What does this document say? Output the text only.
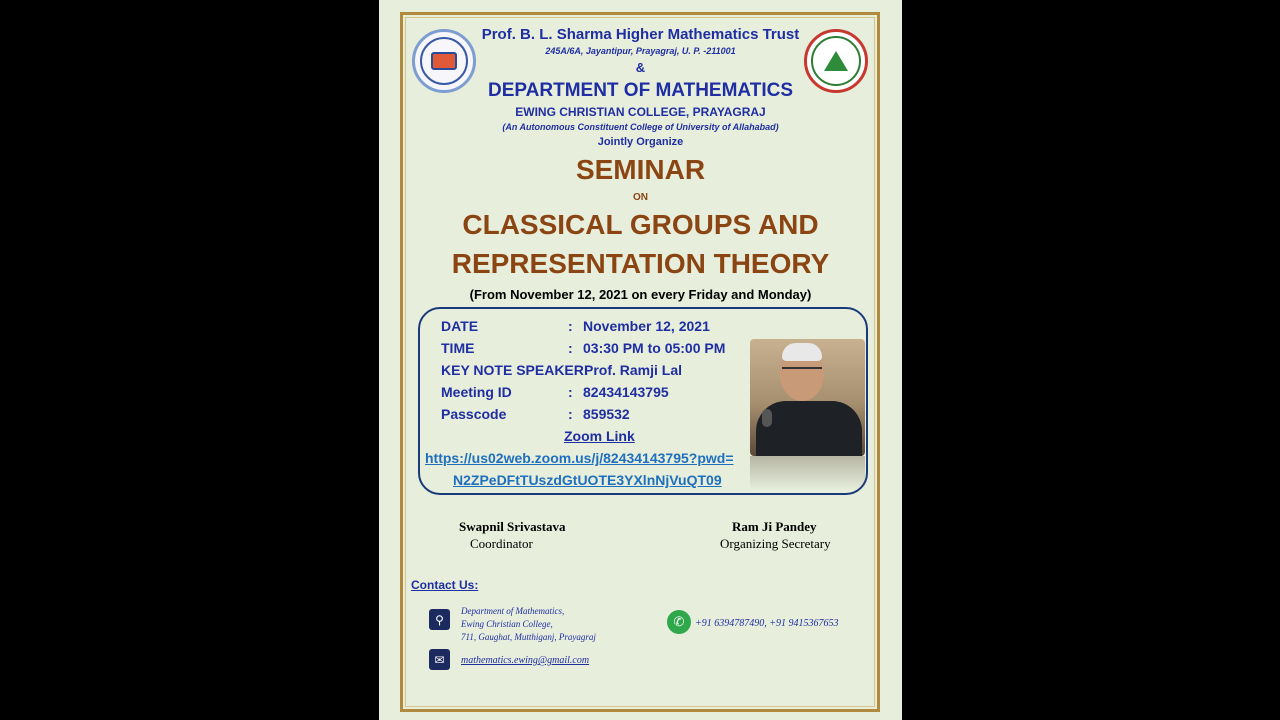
Prof. B. L. Sharma Higher Mathematics Trust
245A/6A, Jayantipur, Prayagraj, U. P. -211001
&
DEPARTMENT OF MATHEMATICS
EWING CHRISTIAN COLLEGE, PRAYAGRAJ
(An Autonomous Constituent College of University of Allahabad)
Jointly Organize
SEMINAR
ON
CLASSICAL GROUPS AND
REPRESENTATION THEORY
(From November 12, 2021 on every Friday and Monday)
DATE	: November 12, 2021
TIME	: 03:30 PM to 05:00 PM
KEY NOTE SPEAKER:
Prof. Ramji Lal
Meeting ID	: 82434143795
Passcode	: 859532
Zoom Link
https://us02web.zoom.us/j/82434143795?pwd=
N2ZPeDFtTUszdGtUOTE3YXlnNjVuQT09
Swapnil Srivastava
Coordinator
Ram Ji Pandey
Organizing Secretary
Contact Us:
⚲
Department of Mathematics,
Ewing Christian College,
711, Gaughat, Mutthiganj, Prayagraj
✉	mathematics.ewing@gmail.com
✆	+91 6394787490, +91 9415367653
